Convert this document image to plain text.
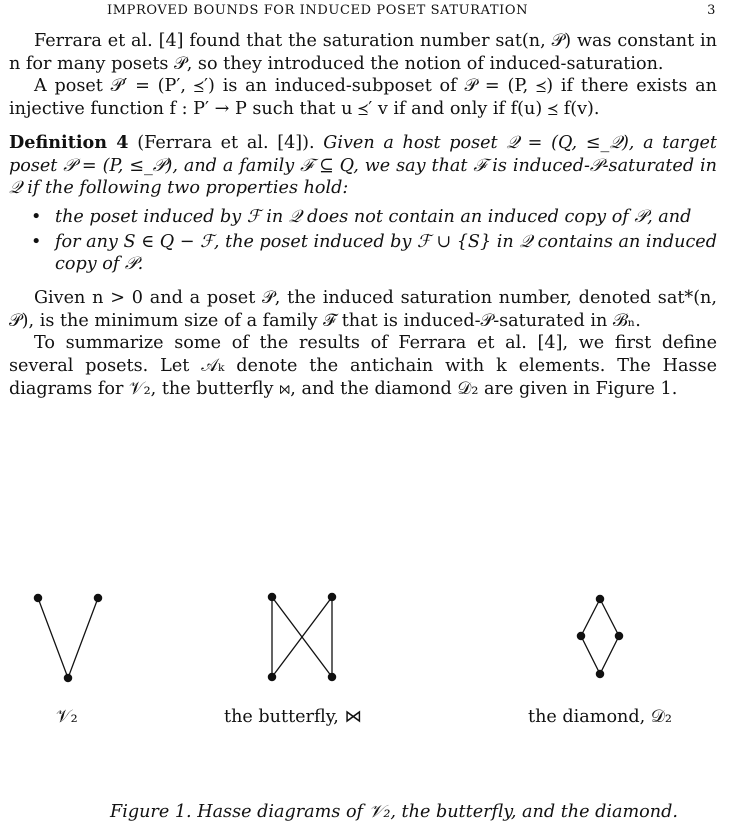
IMPROVED BOUNDS FOR INDUCED POSET SATURATION	3

Ferrara et al. [4] found that the saturation number sat(n, 𝒫) was constant in n for many posets 𝒫, so they introduced the notion of induced-saturation.

A poset 𝒫′ = (P′, ⪯′) is an induced-subposet of 𝒫 = (P, ⪯) if there exists an injective function f : P′ → P such that u ⪯′ v if and only if f(u) ⪯ f(v).

Definition 4 (Ferrara et al. [4]). Given a host poset 𝒬 = (Q, ≤_𝒬), a target poset 𝒫 = (P, ≤_𝒫), and a family ℱ ⊆ Q, we say that ℱ is induced-𝒫-saturated in 𝒬 if the following two properties hold:

• the poset induced by ℱ in 𝒬 does not contain an induced copy of 𝒫, and
• for any S ∈ Q − ℱ, the poset induced by ℱ ∪ {S} in 𝒬 contains an induced copy of 𝒫.

Given n > 0 and a poset 𝒫, the induced saturation number, denoted sat*(n, 𝒫), is the minimum size of a family ℱ that is induced-𝒫-saturated in ℬₙ.

To summarize some of the results of Ferrara et al. [4], we first define several posets. Let 𝒜ₖ denote the antichain with k elements. The Hasse diagrams for 𝒱₂, the butterfly ⋈, and the diamond 𝒟₂ are given in Figure 1.

𝒱₂	the butterfly, ⋈	the diamond, 𝒟₂
Figure 1. Hasse diagrams of 𝒱₂, the butterfly, and the diamond.
